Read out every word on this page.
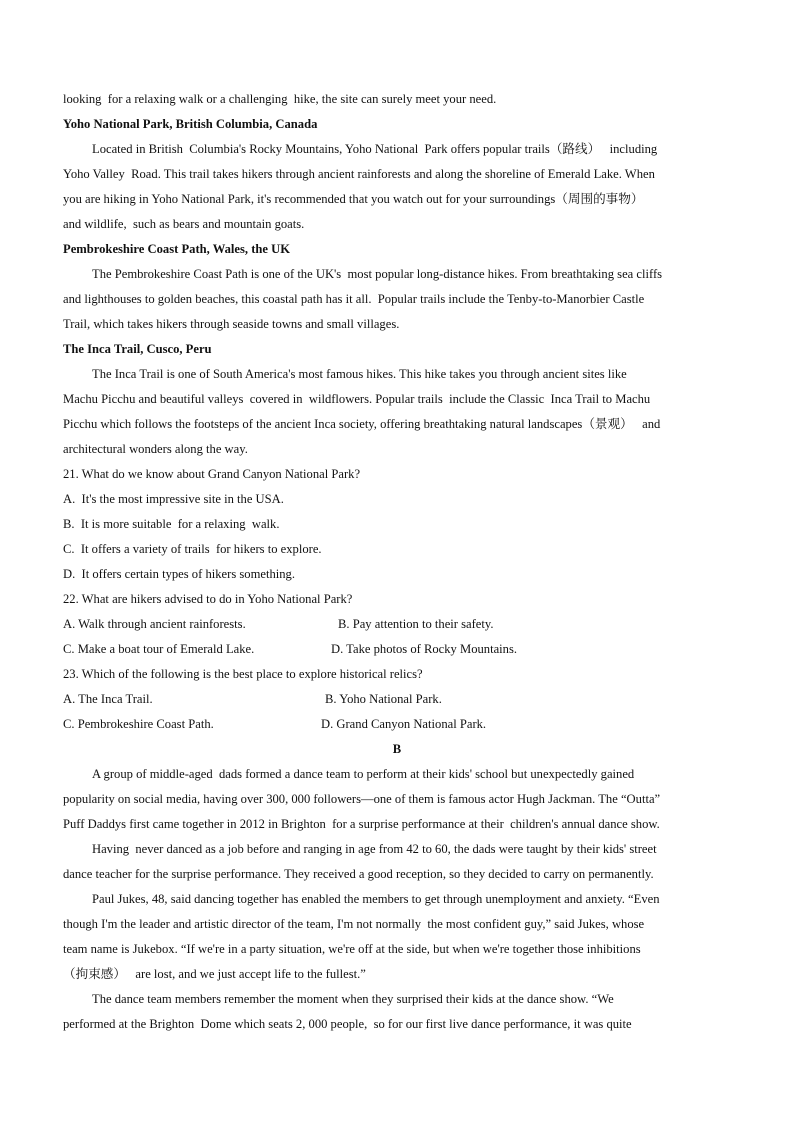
looking  for a relaxing walk or a challenging  hike, the site can surely meet your need.
Yoho National Park, British Columbia, Canada
Located in British  Columbia's Rocky Mountains, Yoho National  Park offers popular trails（路线）   including
Yoho Valley  Road. This trail takes hikers through ancient rainforests and along the shoreline of Emerald Lake. When
you are hiking in Yoho National Park, it's recommended that you watch out for your surroundings（周围的事物）
and wildlife,  such as bears and mountain goats.
Pembrokeshire Coast Path, Wales, the UK
The Pembrokeshire Coast Path is one of the UK's  most popular long-distance hikes. From breathtaking sea cliffs
and lighthouses to golden beaches, this coastal path has it all.  Popular trails include the Tenby-to-Manorbier Castle
Trail, which takes hikers through seaside towns and small villages.
The Inca Trail, Cusco, Peru
The Inca Trail is one of South America's most famous hikes. This hike takes you through ancient sites like
Machu Picchu and beautiful valleys  covered in  wildflowers. Popular trails  include the Classic  Inca Trail to Machu
Picchu which follows the footsteps of the ancient Inca society, offering breathtaking natural landscapes（景观）   and
architectural wonders along the way.
21. What do we know about Grand Canyon National Park?
A.  It's the most impressive site in the USA.
B.  It is more suitable  for a relaxing  walk.
C.  It offers a variety of trails  for hikers to explore.
D.  It offers certain types of hikers something.
22. What are hikers advised to do in Yoho National Park?
A. Walk through ancient rainforests.	B. Pay attention to their safety.
C. Make a boat tour of Emerald Lake.	D. Take photos of Rocky Mountains.
23. Which of the following is the best place to explore historical relics?
A. The Inca Trail.	B. Yoho National Park.
C. Pembrokeshire Coast Path.	D. Grand Canyon National Park.
B
A group of middle-aged  dads formed a dance team to perform at their kids' school but unexpectedly gained
popularity on social media, having over 300, 000 followers—one of them is famous actor Hugh Jackman. The “Outta”
Puff Daddys first came together in 2012 in Brighton  for a surprise performance at their  children's annual dance show.
Having  never danced as a job before and ranging in age from 42 to 60, the dads were taught by their kids' street
dance teacher for the surprise performance. They received a good reception, so they decided to carry on permanently.
Paul Jukes, 48, said dancing together has enabled the members to get through unemployment and anxiety. “Even
though I'm the leader and artistic director of the team, I'm not normally  the most confident guy,” said Jukes, whose
team name is Jukebox. “If we're in a party situation, we're off at the side, but when we're together those inhibitions
（拘束感）   are lost, and we just accept life to the fullest.”
The dance team members remember the moment when they surprised their kids at the dance show. “We
performed at the Brighton  Dome which seats 2, 000 people,  so for our first live dance performance, it was quite
